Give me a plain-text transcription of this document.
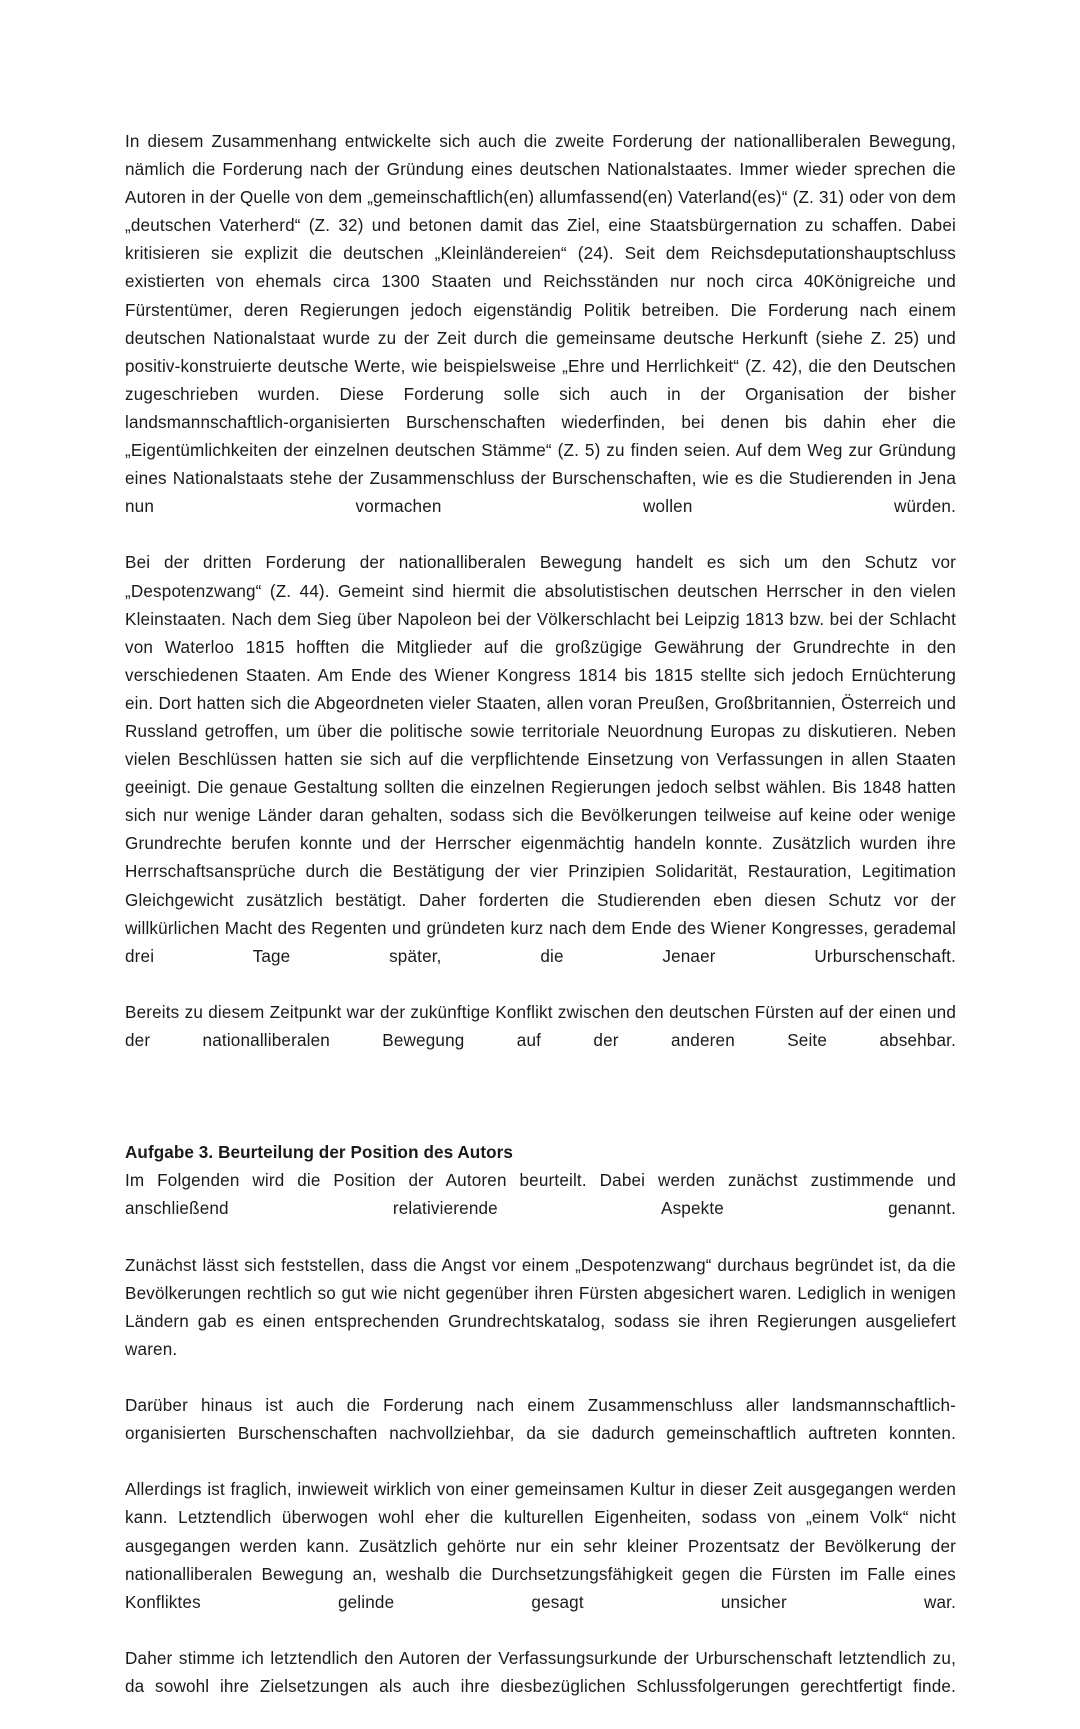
In diesem Zusammenhang entwickelte sich auch die zweite Forderung der nationalliberalen Bewegung, nämlich die Forderung nach der Gründung eines deutschen Nationalstaates. Immer wieder sprechen die Autoren in der Quelle von dem „gemeinschaftlich(en) allumfassend(en) Vaterland(es)“ (Z. 31) oder von dem „deutschen Vaterherd“ (Z. 32) und betonen damit das Ziel, eine Staatsbürgernation zu schaffen. Dabei kritisieren sie explizit die deutschen „Kleinländereien“ (24). Seit dem Reichsdeputationshauptschluss existierten von ehemals circa 1300 Staaten und Reichsständen nur noch circa 40Königreiche und Fürstentümer, deren Regierungen jedoch eigenständig Politik betreiben. Die Forderung nach einem deutschen Nationalstaat wurde zu der Zeit durch die gemeinsame deutsche Herkunft (siehe Z. 25) und positiv-konstruierte deutsche Werte, wie beispielsweise „Ehre und Herrlichkeit“ (Z. 42), die den Deutschen zugeschrieben wurden. Diese Forderung solle sich auch in der Organisation der bisher landsmannschaftlich-organisierten Burschenschaften wiederfinden, bei denen bis dahin eher die „Eigentümlichkeiten der einzelnen deutschen Stämme“ (Z. 5) zu finden seien. Auf dem Weg zur Gründung eines Nationalstaats stehe der Zusammenschluss der Burschenschaften, wie es die Studierenden in Jena nun vormachen wollen würden.

Bei der dritten Forderung der nationalliberalen Bewegung handelt es sich um den Schutz vor „Despotenzwang“ (Z. 44). Gemeint sind hiermit die absolutistischen deutschen Herrscher in den vielen Kleinstaaten. Nach dem Sieg über Napoleon bei der Völkerschlacht bei Leipzig 1813 bzw. bei der Schlacht von Waterloo 1815 hofften die Mitglieder auf die großzügige Gewährung der Grundrechte in den verschiedenen Staaten. Am Ende des Wiener Kongress 1814 bis 1815 stellte sich jedoch Ernüchterung ein. Dort hatten sich die Abgeordneten vieler Staaten, allen voran Preußen, Großbritannien, Österreich und Russland getroffen, um über die politische sowie territoriale Neuordnung Europas zu diskutieren. Neben vielen Beschlüssen hatten sie sich auf die verpflichtende Einsetzung von Verfassungen in allen Staaten geeinigt. Die genaue Gestaltung sollten die einzelnen Regierungen jedoch selbst wählen. Bis 1848 hatten sich nur wenige Länder daran gehalten, sodass sich die Bevölkerungen teilweise auf keine oder wenige Grundrechte berufen konnte und der Herrscher eigenmächtig handeln konnte. Zusätzlich wurden ihre Herrschaftsansprüche durch die Bestätigung der vier Prinzipien Solidarität, Restauration, Legitimation Gleichgewicht zusätzlich bestätigt. Daher forderten die Studierenden eben diesen Schutz vor der willkürlichen Macht des Regenten und gründeten kurz nach dem Ende des Wiener Kongresses, gerademal drei Tage später, die Jenaer Urburschenschaft.

Bereits zu diesem Zeitpunkt war der zukünftige Konflikt zwischen den deutschen Fürsten auf der einen und der nationalliberalen Bewegung auf der anderen Seite absehbar.

Aufgabe 3. Beurteilung der Position des Autors

Im Folgenden wird die Position der Autoren beurteilt. Dabei werden zunächst zustimmende und anschließend relativierende Aspekte genannt.

Zunächst lässt sich feststellen, dass die Angst vor einem „Despotenzwang“ durchaus begründet ist, da die Bevölkerungen rechtlich so gut wie nicht gegenüber ihren Fürsten abgesichert waren. Lediglich in wenigen Ländern gab es einen entsprechenden Grundrechtskatalog, sodass sie ihren Regierungen ausgeliefert waren.

Darüber hinaus ist auch die Forderung nach einem Zusammenschluss aller landsmannschaftlich-organisierten Burschenschaften nachvollziehbar, da sie dadurch gemeinschaftlich auftreten konnten.

Allerdings ist fraglich, inwieweit wirklich von einer gemeinsamen Kultur in dieser Zeit ausgegangen werden kann. Letztendlich überwogen wohl eher die kulturellen Eigenheiten, sodass von „einem Volk“ nicht ausgegangen werden kann. Zusätzlich gehörte nur ein sehr kleiner Prozentsatz der Bevölkerung der nationalliberalen Bewegung an, weshalb die Durchsetzungsfähigkeit gegen die Fürsten im Falle eines Konfliktes gelinde gesagt unsicher war.

Daher stimme ich letztendlich den Autoren der Verfassungsurkunde der Urburschenschaft letztendlich zu, da sowohl ihre Zielsetzungen als auch ihre diesbezüglichen Schlussfolgerungen gerechtfertigt finde.
